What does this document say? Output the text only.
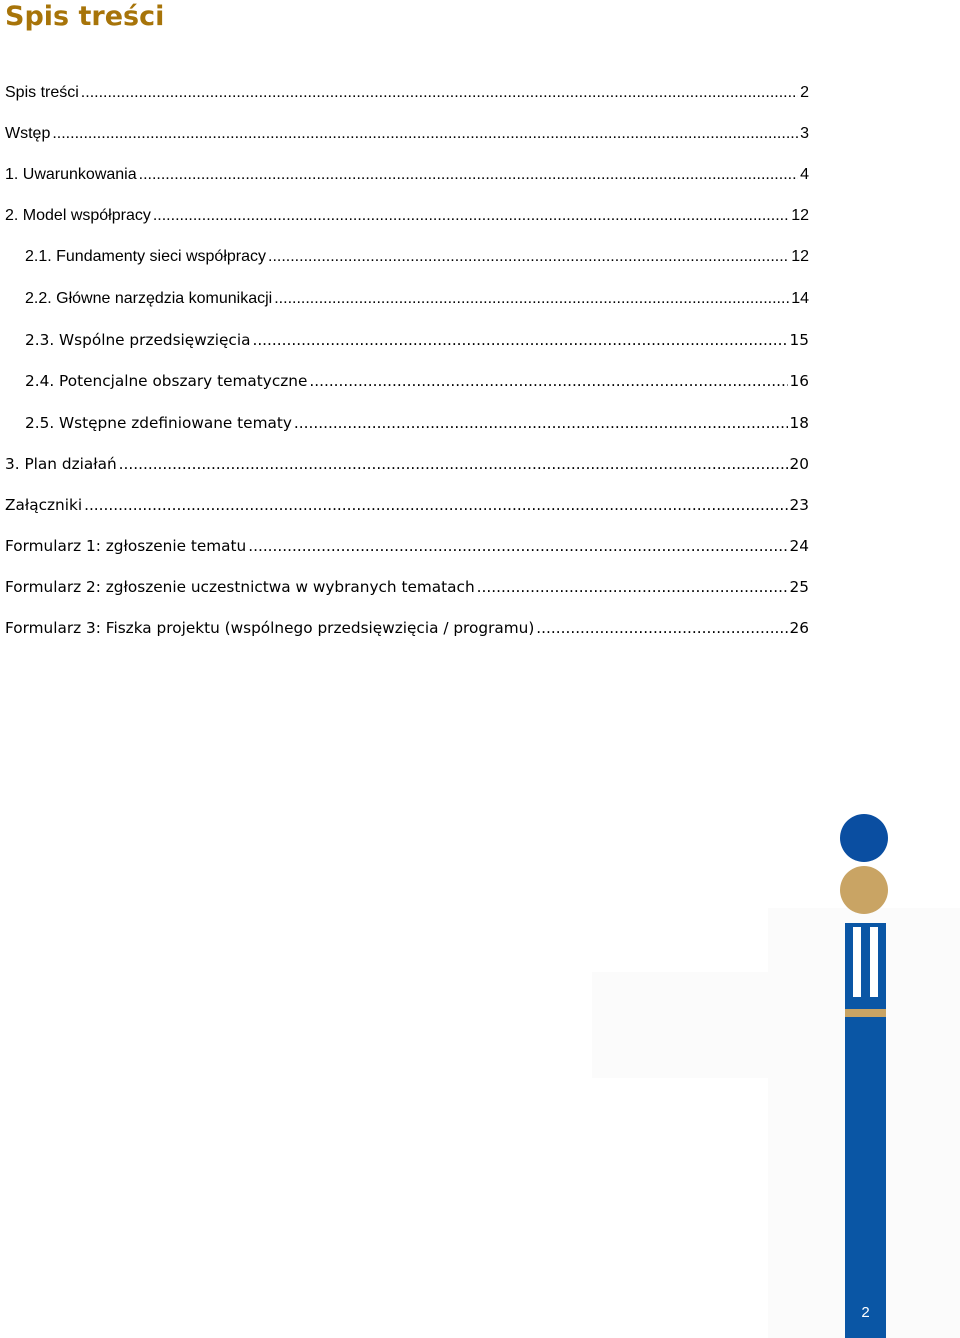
Spis treści
Spis treści .....	2
Wstęp .....	3
1. Uwarunkowania .....	4
2. Model współpracy .....	12
2.1. Fundamenty sieci współpracy .....	12
2.2. Główne narzędzia komunikacji .....	14
2.3. Wspólne przedsięwzięcia .....	15
2.4. Potencjalne obszary tematyczne .....	16
2.5. Wstępne zdefiniowane tematy .....	18
3. Plan działań .....	20
Załączniki .....	23
Formularz 1: zgłoszenie tematu .....	24
Formularz 2: zgłoszenie uczestnictwa w wybranych tematach .....	25
Formularz 3: Fiszka projektu (wspólnego przedsięwzięcia / programu) .....	26
2
